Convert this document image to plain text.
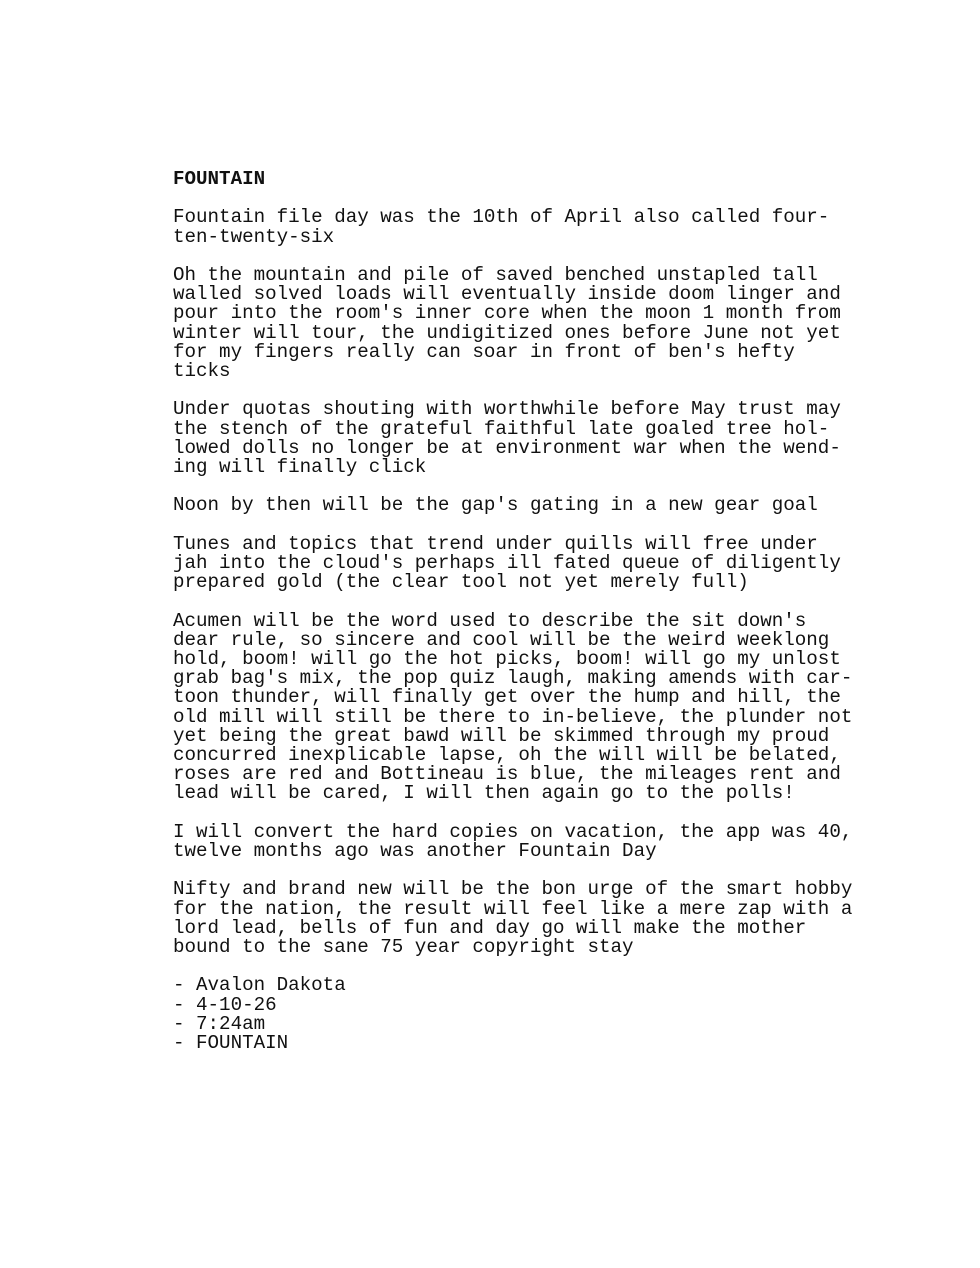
FOUNTAIN
Fountain file day was the 10th of April also called four-
ten-twenty-six
Oh the mountain and pile of saved benched unstapled tall
walled solved loads will eventually inside doom linger and
pour into the room's inner core when the moon 1 month from
winter will tour, the undigitized ones before June not yet
for my fingers really can soar in front of ben's hefty
ticks
Under quotas shouting with worthwhile before May trust may
the stench of the grateful faithful late goaled tree hol-
lowed dolls no longer be at environment war when the wend-
ing will finally click
Noon by then will be the gap's gating in a new gear goal
Tunes and topics that trend under quills will free under
jah into the cloud's perhaps ill fated queue of diligently
prepared gold (the clear tool not yet merely full)
Acumen will be the word used to describe the sit down's
dear rule, so sincere and cool will be the weird weeklong
hold, boom! will go the hot picks, boom! will go my unlost
grab bag's mix, the pop quiz laugh, making amends with car-
toon thunder, will finally get over the hump and hill, the
old mill will still be there to in-believe, the plunder not
yet being the great bawd will be skimmed through my proud
concurred inexplicable lapse, oh the will will be belated,
roses are red and Bottineau is blue, the mileages rent and
lead will be cared, I will then again go to the polls!
I will convert the hard copies on vacation, the app was 40,
twelve months ago was another Fountain Day
Nifty and brand new will be the bon urge of the smart hobby
for the nation, the result will feel like a mere zap with a
lord lead, bells of fun and day go will make the mother
bound to the sane 75 year copyright stay
- Avalon Dakota
- 4-10-26
- 7:24am
- FOUNTAIN
